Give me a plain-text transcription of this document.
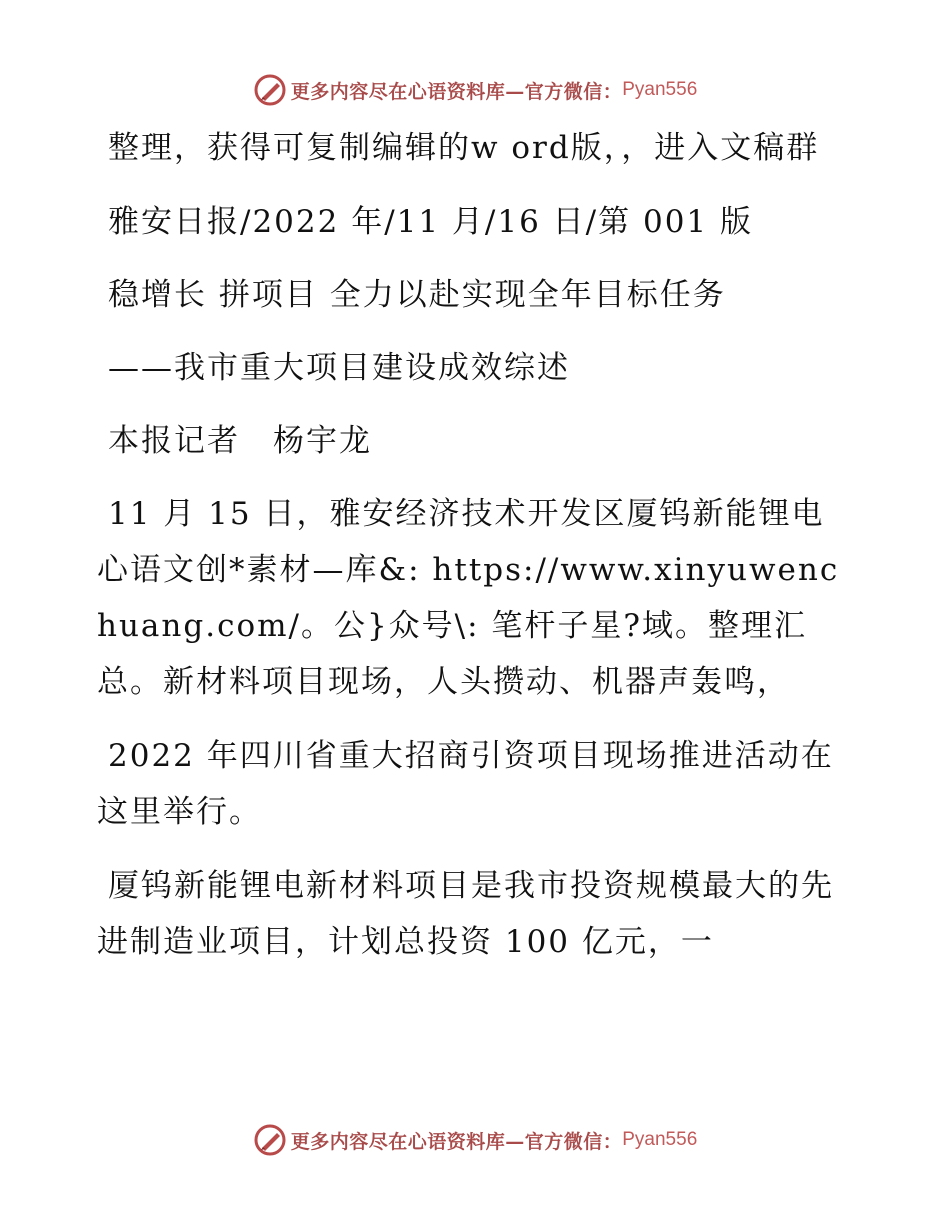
更多内容尽在心语资料库—官方微信： Pyan556

整理，获得可复制编辑的w ord版，，进入文稿群

雅安日报/2022 年/11 月/16 日/第 001 版

稳增长 拼项目 全力以赴实现全年目标任务

——我市重大项目建设成效综述

本报记者　杨宇龙

11 月 15 日，雅安经济技术开发区厦钨新能锂电心语文创*素材—库&: https://www.xinyuwenchuang.com/。公}众号\: 笔杆子星?域。整理汇总。新材料项目现场，人头攒动、机器声轰鸣，

2022 年四川省重大招商引资项目现场推进活动在这里举行。

厦钨新能锂电新材料项目是我市投资规模最大的先进制造业项目，计划总投资 100 亿元，一

更多内容尽在心语资料库—官方微信： Pyan556
